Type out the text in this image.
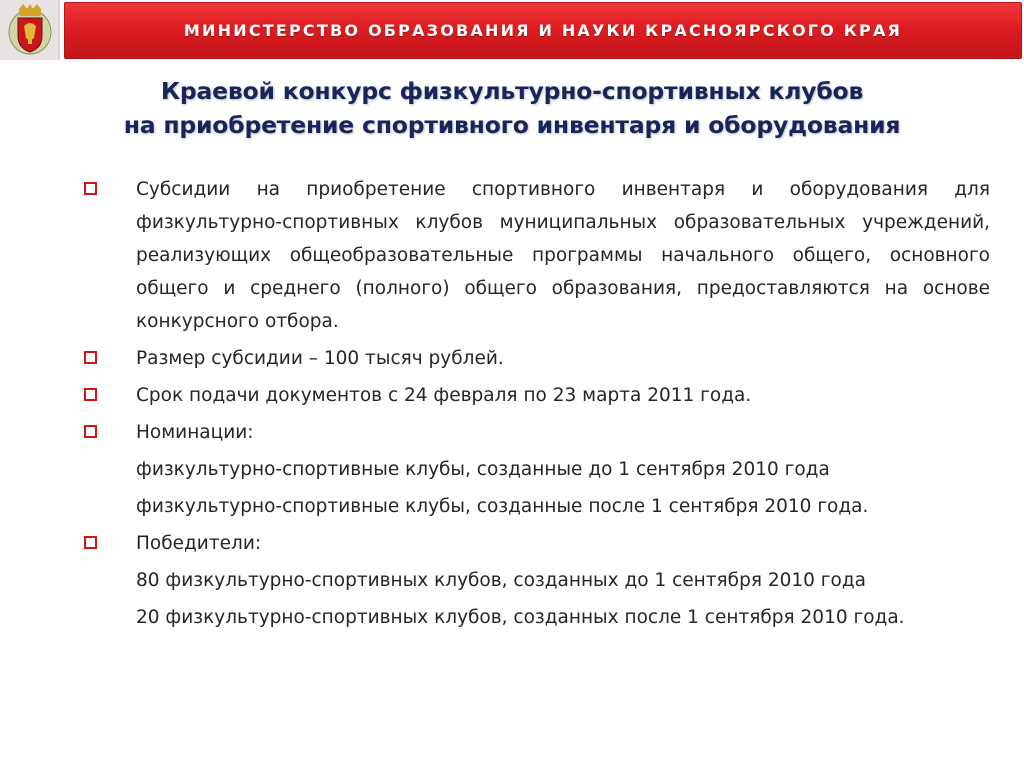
МИНИСТЕРСТВО ОБРАЗОВАНИЯ И НАУКИ КРАСНОЯРСКОГО КРАЯ
Краевой конкурс физкультурно-спортивных клубов
на приобретение спортивного инвентаря и оборудования
Субсидии на приобретение спортивного инвентаря и оборудования для физкультурно-спортивных клубов муниципальных образовательных учреждений, реализующих общеобразовательные программы начального общего, основного общего и среднего (полного) общего образования, предоставляются на основе конкурсного отбора.
Размер субсидии – 100 тысяч рублей.
Срок подачи документов с 24 февраля по 23 марта 2011 года.
Номинации:
физкультурно-спортивные клубы, созданные до 1 сентября 2010 года
физкультурно-спортивные клубы, созданные после 1 сентября 2010 года.
Победители:
80 физкультурно-спортивных клубов, созданных до 1 сентября 2010 года
20 физкультурно-спортивных клубов, созданных после 1 сентября 2010 года.
